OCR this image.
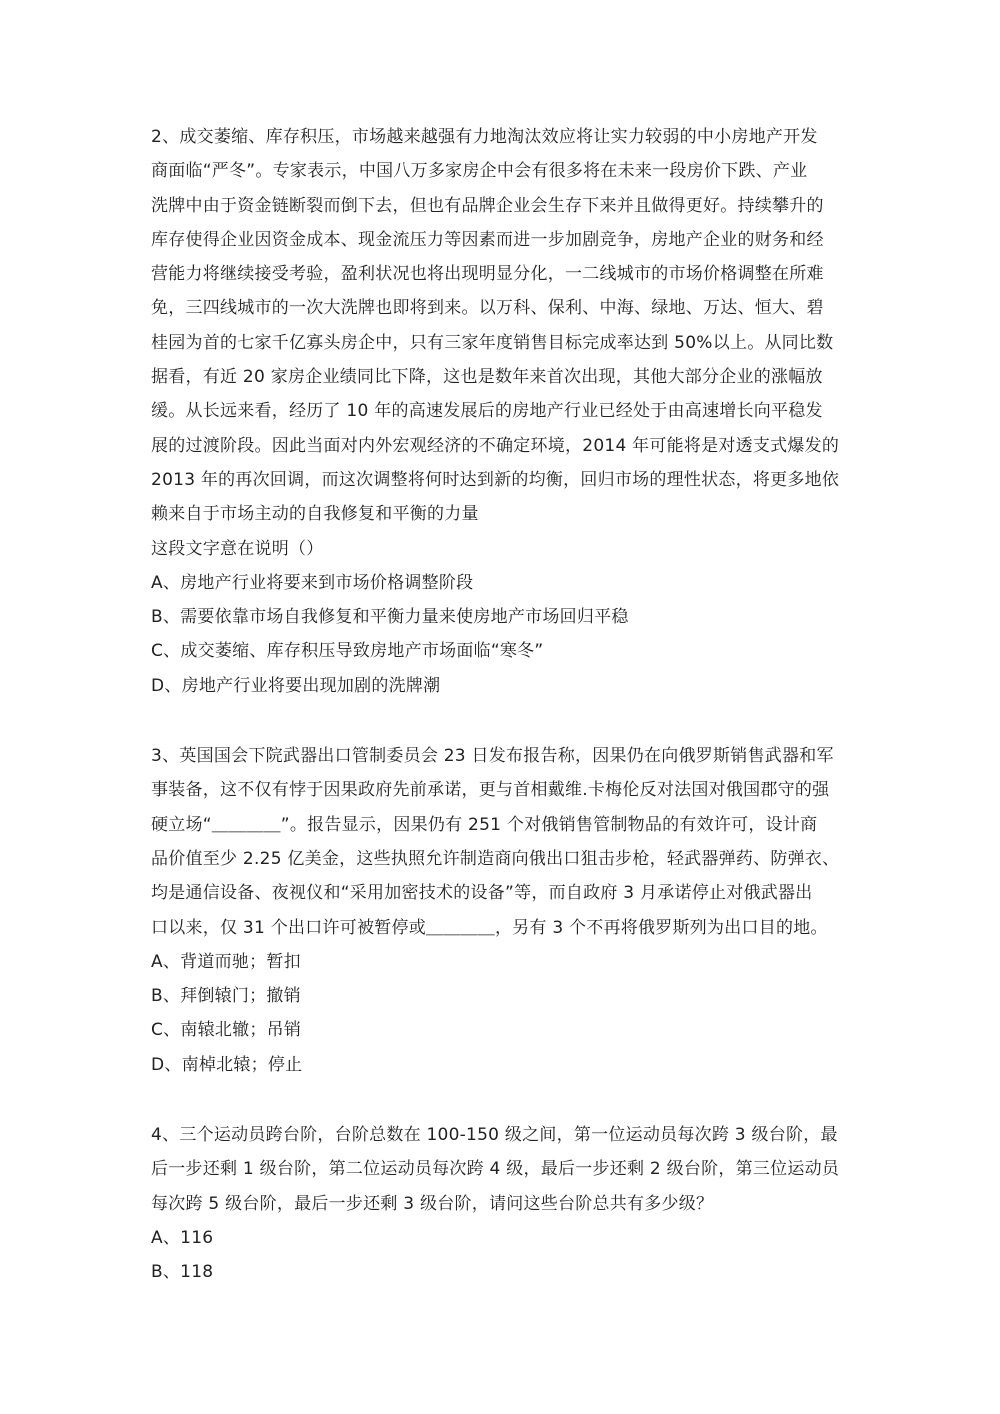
2、成交萎缩、库存积压，市场越来越强有力地淘汰效应将让实力较弱的中小房地产开发
商面临“严冬”。专家表示，中国八万多家房企中会有很多将在未来一段房价下跌、产业
洗牌中由于资金链断裂而倒下去，但也有品牌企业会生存下来并且做得更好。持续攀升的
库存使得企业因资金成本、现金流压力等因素而进一步加剧竞争，房地产企业的财务和经
营能力将继续接受考验，盈利状况也将出现明显分化，一二线城市的市场价格调整在所难
免，三四线城市的一次大洗牌也即将到来。以万科、保利、中海、绿地、万达、恒大、碧
桂园为首的七家千亿寡头房企中，只有三家年度销售目标完成率达到 50%以上。从同比数
据看，有近 20 家房企业绩同比下降，这也是数年来首次出现，其他大部分企业的涨幅放
缓。从长远来看，经历了 10 年的高速发展后的房地产行业已经处于由高速增长向平稳发
展的过渡阶段。因此当面对内外宏观经济的不确定环境，2014 年可能将是对透支式爆发的
2013 年的再次回调，而这次调整将何时达到新的均衡，回归市场的理性状态，将更多地依
赖来自于市场主动的自我修复和平衡的力量
这段文字意在说明（）
A、房地产行业将要来到市场价格调整阶段
B、需要依靠市场自我修复和平衡力量来使房地产市场回归平稳
C、成交萎缩、库存积压导致房地产市场面临“寒冬”
D、房地产行业将要出现加剧的洗牌潮
3、英国国会下院武器出口管制委员会 23 日发布报告称，因果仍在向俄罗斯销售武器和军
事装备，这不仅有悖于因果政府先前承诺，更与首相戴维.卡梅伦反对法国对俄国郡守的强
硬立场“＿＿＿＿”。报告显示，因果仍有 251 个对俄销售管制物品的有效许可，设计商
品价值至少 2.25 亿美金，这些执照允许制造商向俄出口狙击步枪，轻武器弹药、防弹衣、
均是通信设备、夜视仪和“采用加密技术的设备”等，而自政府 3 月承诺停止对俄武器出
口以来，仅 31 个出口许可被暂停或＿＿＿＿，另有 3 个不再将俄罗斯列为出口目的地。
A、背道而驰；暂扣
B、拜倒辕门；撤销
C、南辕北辙；吊销
D、南棹北辕；停止
4、三个运动员跨台阶，台阶总数在 100-150 级之间，第一位运动员每次跨 3 级台阶，最
后一步还剩 1 级台阶，第二位运动员每次跨 4 级，最后一步还剩 2 级台阶，第三位运动员
每次跨 5 级台阶，最后一步还剩 3 级台阶，请问这些台阶总共有多少级？
A、116
B、118
